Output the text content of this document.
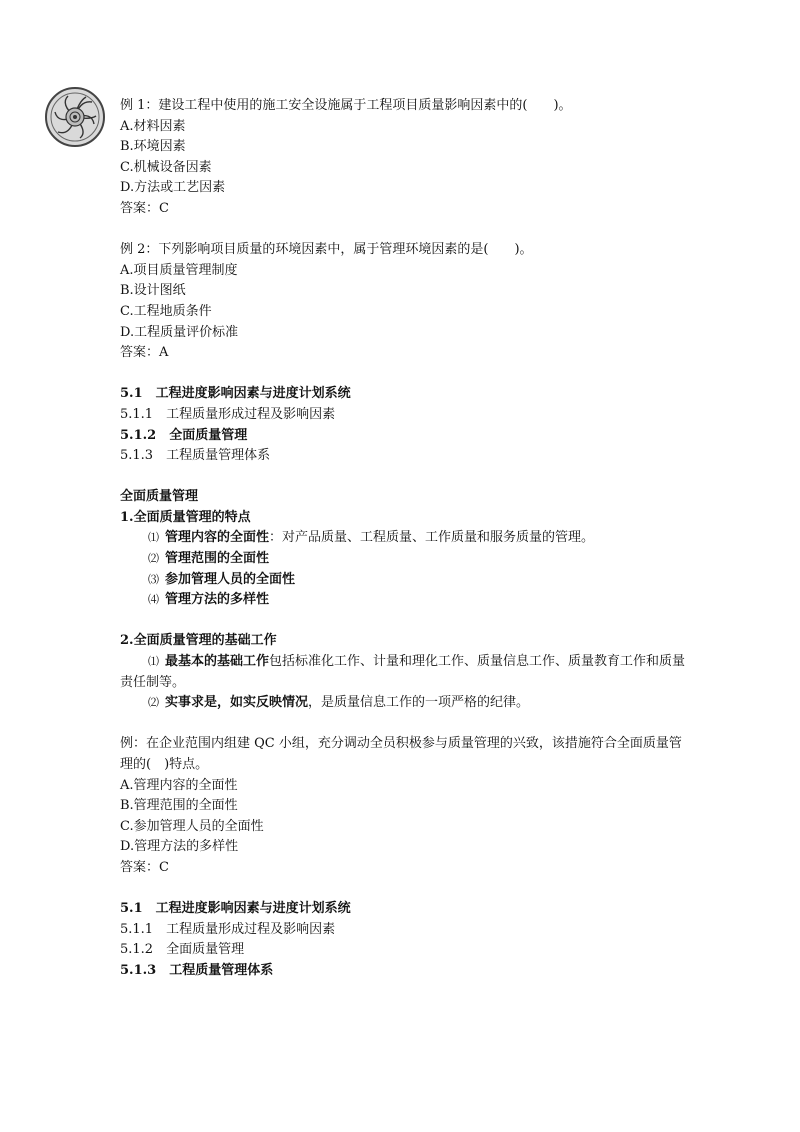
例 1：建设工程中使用的施工安全设施属于工程项目质量影响因素中的(　　)。
A.材料因素
B.环境因素
C.机械设备因素
D.方法或工艺因素
答案：C
例 2：下列影响项目质量的环境因素中，属于管理环境因素的是(　　)。
A.项目质量管理制度
B.设计图纸
C.工程地质条件
D.工程质量评价标准
答案：A
5.1　工程进度影响因素与进度计划系统
5.1.1　工程质量形成过程及影响因素
5.1.2　全面质量管理
5.1.3　工程质量管理体系
全面质量管理
1.全面质量管理的特点
⑴ 管理内容的全面性：对产品质量、工程质量、工作质量和服务质量的管理。
⑵ 管理范围的全面性
⑶ 参加管理人员的全面性
⑷ 管理方法的多样性
2.全面质量管理的基础工作
⑴ 最基本的基础工作包括标准化工作、计量和理化工作、质量信息工作、质量教育工作和质量责任制等。
⑵ 实事求是，如实反映情况，是质量信息工作的一项严格的纪律。
例：在企业范围内组建 QC 小组，充分调动全员积极参与质量管理的兴致，该措施符合全面质量管理的(　)特点。
A.管理内容的全面性
B.管理范围的全面性
C.参加管理人员的全面性
D.管理方法的多样性
答案：C
5.1　工程进度影响因素与进度计划系统
5.1.1　工程质量形成过程及影响因素
5.1.2　全面质量管理
5.1.3　工程质量管理体系
